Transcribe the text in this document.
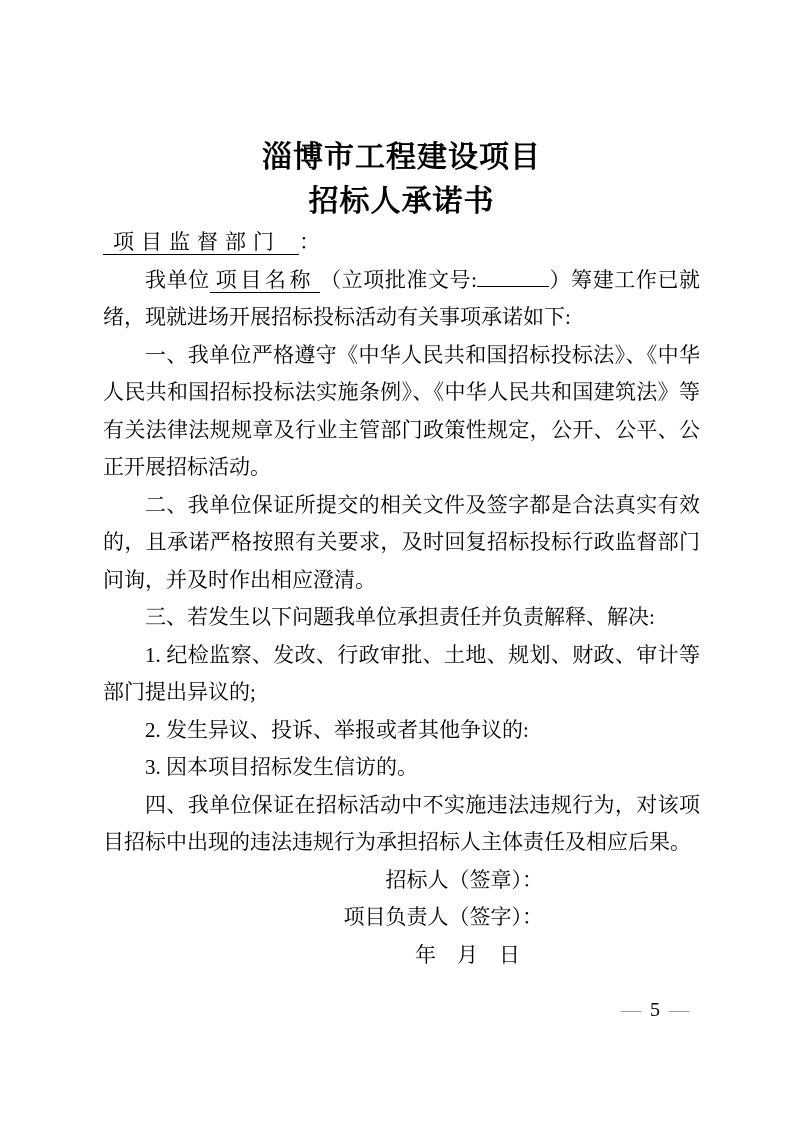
淄博市工程建设项目
招标人承诺书
项目监督部门 ：

我单位 项目名称 （立项批准文号:	）筹建工作已就绪，现就进场开展招标投标活动有关事项承诺如下:

一、我单位严格遵守《中华人民共和国招标投标法》、《中华人民共和国招标投标法实施条例》、《中华人民共和国建筑法》等有关法律法规规章及行业主管部门政策性规定，公开、公平、公正开展招标活动。

二、我单位保证所提交的相关文件及签字都是合法真实有效的，且承诺严格按照有关要求，及时回复招标投标行政监督部门问询，并及时作出相应澄清。

三、若发生以下问题我单位承担责任并负责解释、解决:

1. 纪检监察、发改、行政审批、土地、规划、财政、审计等部门提出异议的;

2. 发生异议、投诉、举报或者其他争议的:

3. 因本项目招标发生信访的。

四、我单位保证在招标活动中不实施违法违规行为，对该项目招标中出现的违法违规行为承担招标人主体责任及相应后果。

招标人（签章）：
项目负责人（签字）：
年　月　日
— 5 —
